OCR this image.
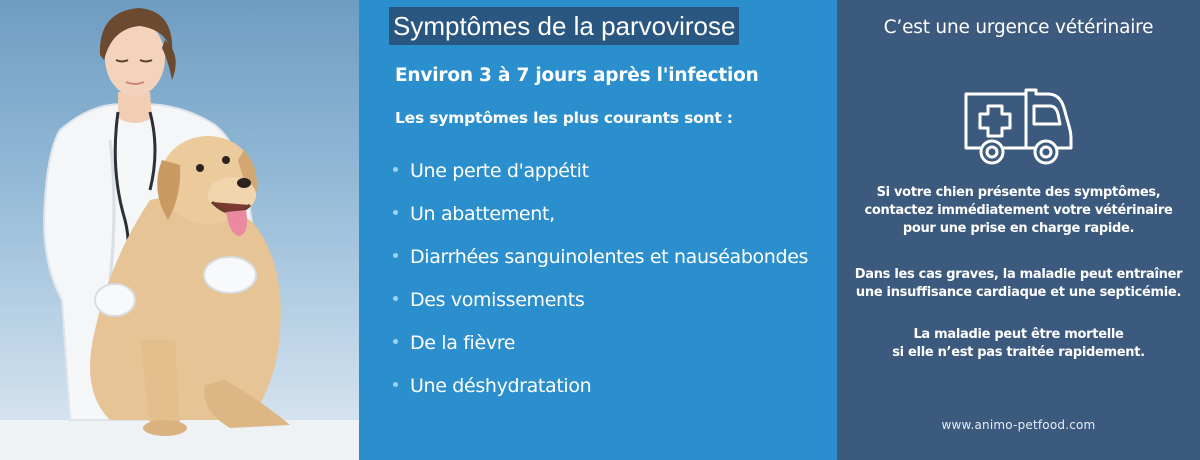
Symptômes de la parvovirose
Environ 3 à 7 jours après l'infection
Les symptômes les plus courants sont :
Une perte d'appétit
Un abattement,
Diarrhées sanguinolentes et nauséabondes
Des vomissements
De la fièvre
Une déshydratation
C’est une urgence vétérinaire
Si votre chien présente des symptômes,
contactez immédiatement votre vétérinaire
pour une prise en charge rapide.
Dans les cas graves, la maladie peut entraîner
une insuffisance cardiaque et une septicémie.
La maladie peut être mortelle
si elle n’est pas traitée rapidement.
www.animo-petfood.com
